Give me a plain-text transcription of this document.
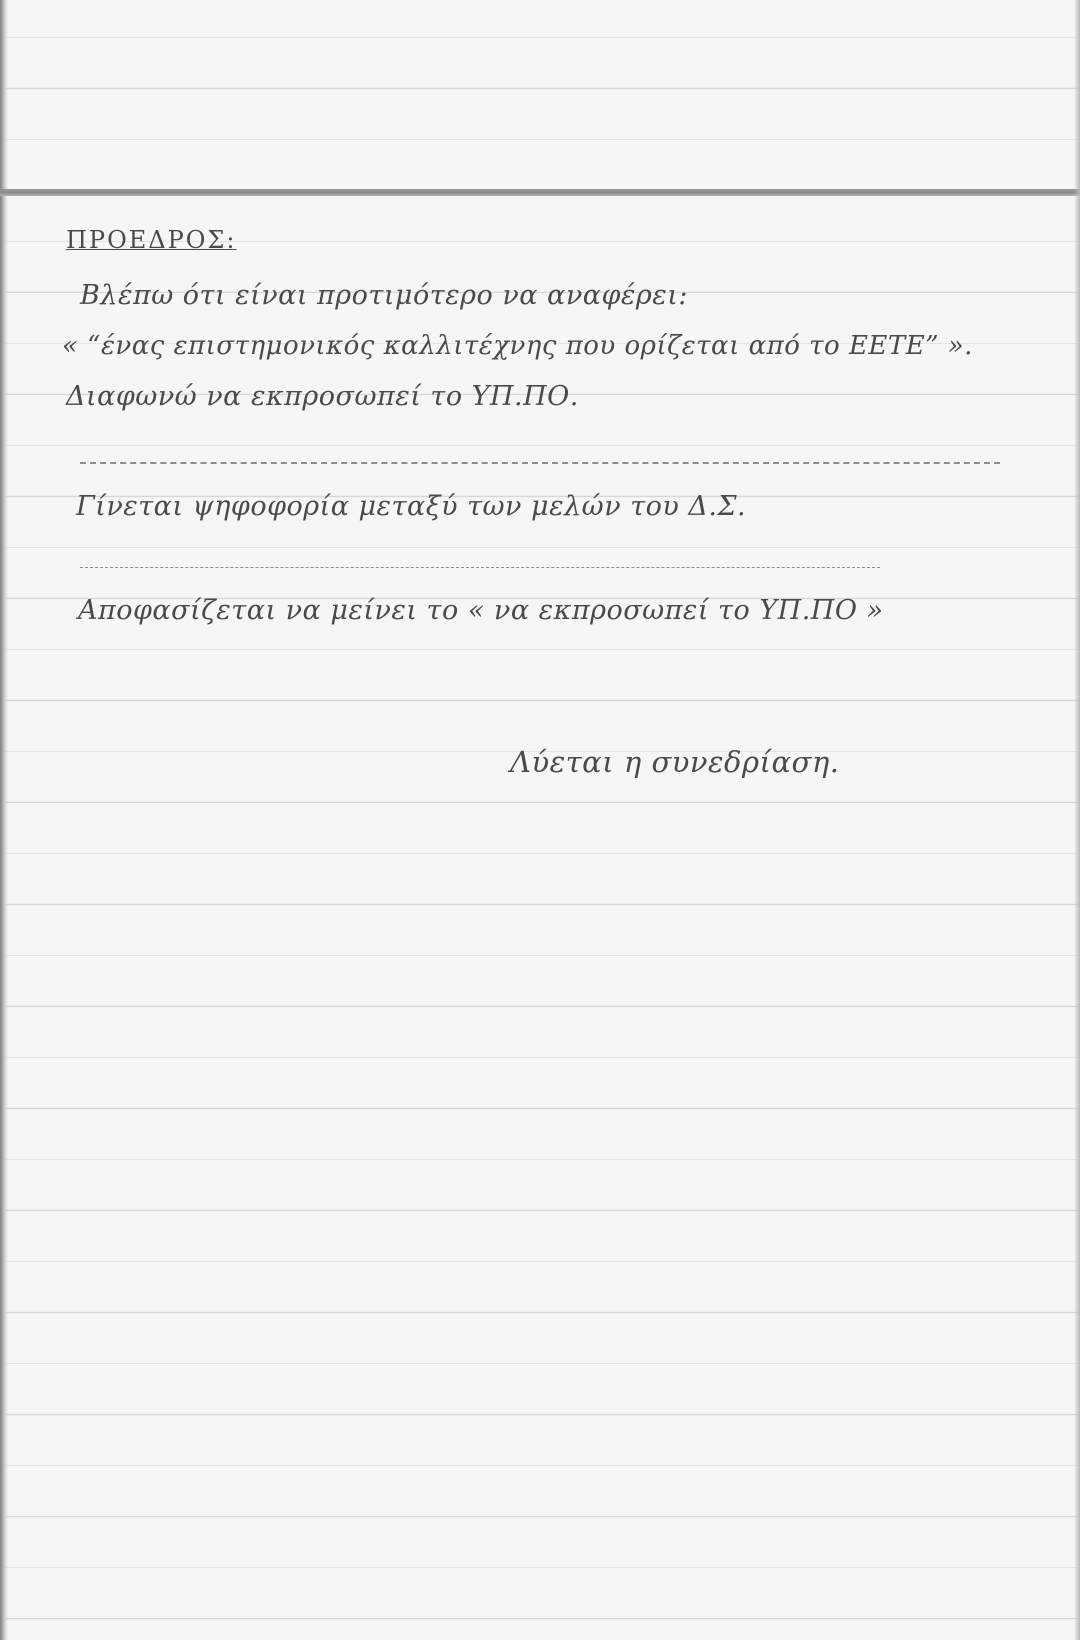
ΠΡΟΕΔΡΟΣ:
Βλέπω ότι είναι προτιμότερο να αναφέρει:
« “ένας επιστημονικός καλλιτέχνης που ορίζεται από το ΕΕΤΕ” ».
Διαφωνώ να εκπροσωπεί το ΥΠ.ΠΟ.
Γίνεται ψηφοφορία μεταξύ των μελών του Δ.Σ.
Αποφασίζεται να μείνει το « να εκπροσωπεί το ΥΠ.ΠΟ »
Λύεται η συνεδρίαση.
